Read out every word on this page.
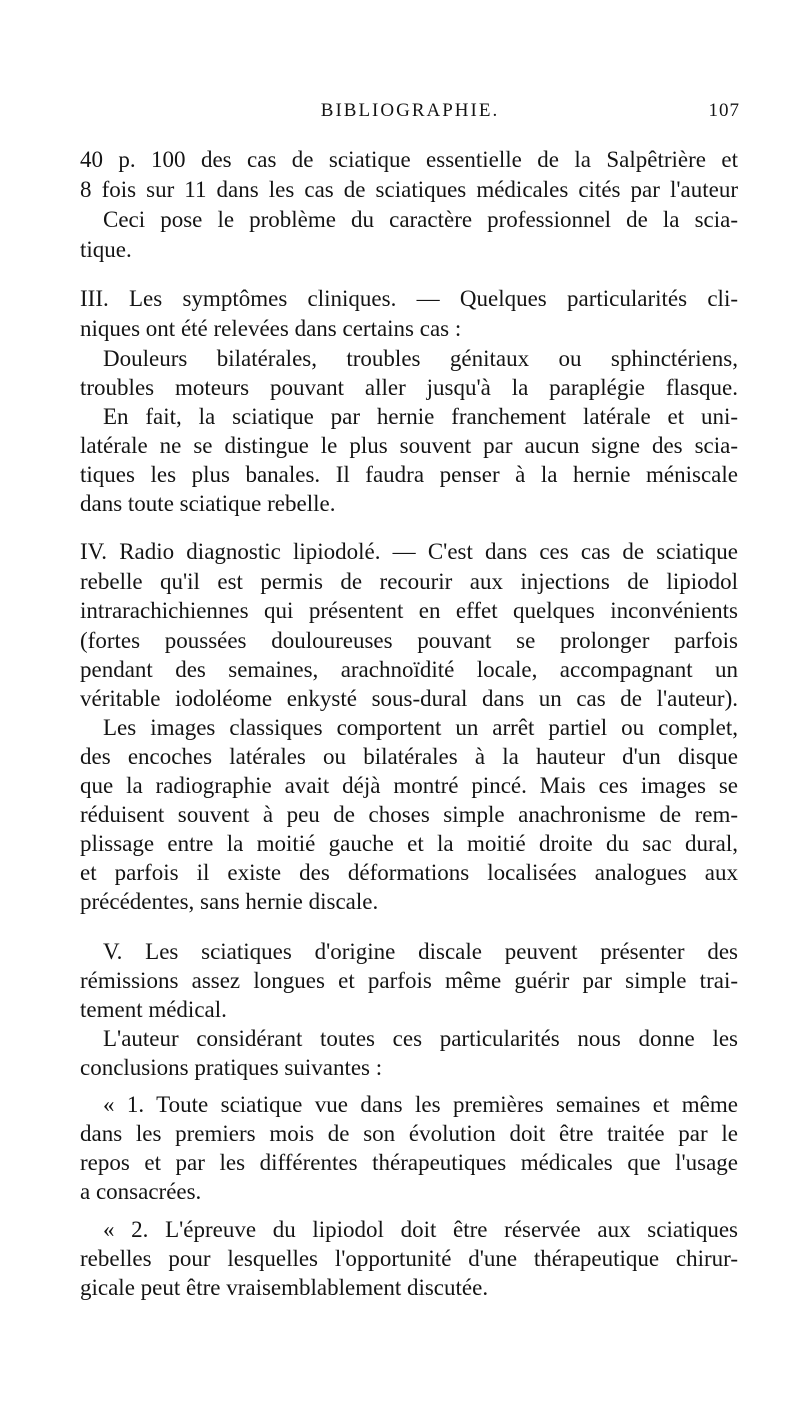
BIBLIOGRAPHIE.	107
40 p. 100 des cas de sciatique essentielle de la Salpêtrière et
8 fois sur 11 dans les cas de sciatiques médicales cités par l'auteur
Ceci pose le problème du caractère professionnel de la scia-
tique.
III. Les symptômes cliniques. — Quelques particularités cli-
niques ont été relevées dans certains cas :
Douleurs bilatérales, troubles génitaux ou sphinctériens,
troubles moteurs pouvant aller jusqu'à la paraplégie flasque.
En fait, la sciatique par hernie franchement latérale et uni-
latérale ne se distingue le plus souvent par aucun signe des scia-
tiques les plus banales. Il faudra penser à la hernie méniscale
dans toute sciatique rebelle.
IV. Radio diagnostic lipiodolé. — C'est dans ces cas de sciatique
rebelle qu'il est permis de recourir aux injections de lipiodol
intrarachichiennes qui présentent en effet quelques inconvénients
(fortes poussées douloureuses pouvant se prolonger parfois
pendant des semaines, arachnoïdité locale, accompagnant un
véritable iodoléome enkysté sous-dural dans un cas de l'auteur).
Les images classiques comportent un arrêt partiel ou complet,
des encoches latérales ou bilatérales à la hauteur d'un disque
que la radiographie avait déjà montré pincé. Mais ces images se
réduisent souvent à peu de choses simple anachronisme de rem-
plissage entre la moitié gauche et la moitié droite du sac dural,
et parfois il existe des déformations localisées analogues aux
précédentes, sans hernie discale.
V. Les sciatiques d'origine discale peuvent présenter des
rémissions assez longues et parfois même guérir par simple trai-
tement médical.
L'auteur considérant toutes ces particularités nous donne les
conclusions pratiques suivantes :
« 1. Toute sciatique vue dans les premières semaines et même
dans les premiers mois de son évolution doit être traitée par le
repos et par les différentes thérapeutiques médicales que l'usage
a consacrées.
« 2. L'épreuve du lipiodol doit être réservée aux sciatiques
rebelles pour lesquelles l'opportunité d'une thérapeutique chirur-
gicale peut être vraisemblablement discutée.
